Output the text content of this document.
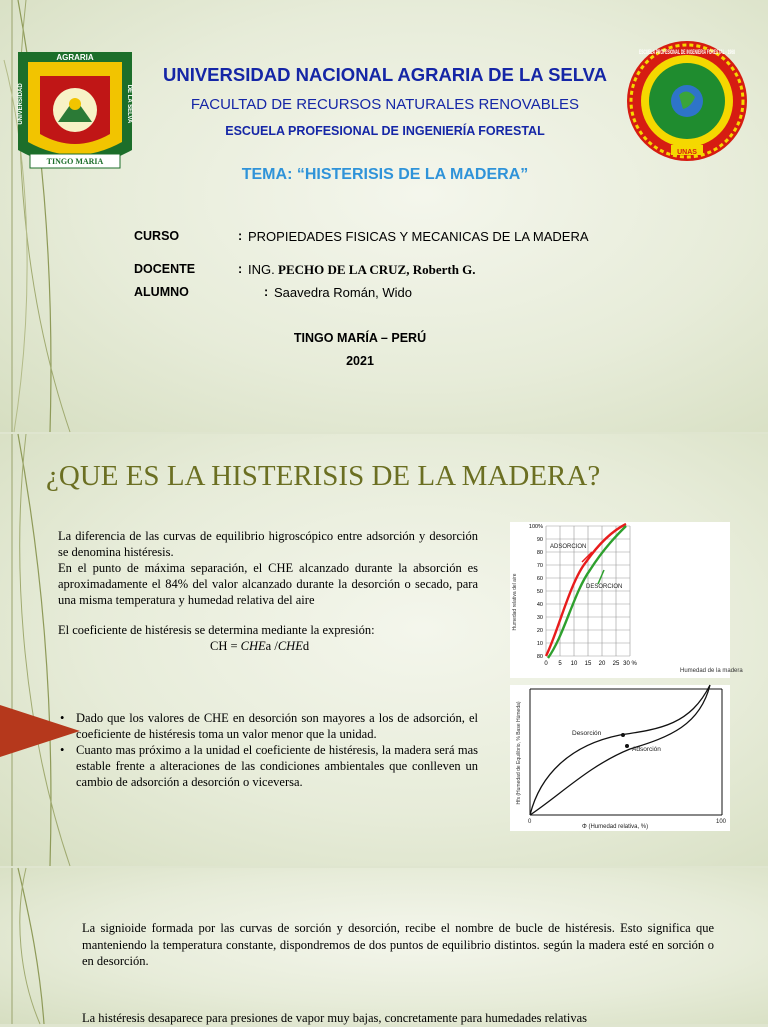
AGRARIA
UNIVERSIDAD	DE LA SELVA
TINGO MARIA
ESCUELA PROFESIONAL DE INGENIERIA FORESTAL - 1968
UNAS
UNIVERSIDAD NACIONAL AGRARIA DE LA SELVA
FACULTAD DE RECURSOS NATURALES RENOVABLES
ESCUELA PROFESIONAL DE INGENIERÍA FORESTAL
TEMA: “HISTERISIS DE LA MADERA”
CURSO	: PROPIEDADES FISICAS Y MECANICAS DE LA MADERA
DOCENTE	: ING. PECHO DE LA CRUZ, Roberth G.
ALUMNO	: Saavedra Román, Wido
TINGO MARÍA – PERÚ
2021
¿QUE ES LA HISTERISIS DE LA MADERA?
La diferencia de las curvas de equilibrio higroscópico entre adsorción y desorción se denomina histéresis.
En el punto de máxima separación, el CHE alcanzado durante la absorción es aproximadamente el 84% del valor alcanzado durante la desorción o secado, para una misma temperatura y humedad relativa del aire
El coeficiente de histéresis se determina mediante la expresión:
CH = CHEa /CHEd
• Dado que los valores de CHE en desorción son mayores a los de adsorción, el coeficiente de histéresis toma un valor menor que la unidad.
• Cuanto mas próximo a la unidad el coeficiente de histéresis, la madera será mas estable frente a alteraciones de las condiciones ambientales que conlleven un cambio de adsorción a desorción o viceversa.
100%
90
80
70
60
50
40
30
20
10
80
0 5 10 15 20 25 30 %
Humedad relativa del aire
Humedad de la madera
ADSORCION
DESORCION
Desorción
Adsorción
Hfs (Humedad de Equilibrio, % Base Húmeda)
0	100
Φ (Humedad relativa, %)
La signioide formada por las curvas de sorción y desorción, recibe el nombre de bucle de histéresis. Esto significa que manteniendo la temperatura constante, dispondremos de dos puntos de equilibrio distintos. según la madera esté en sorción o en desorción.
La histéresis desaparece para presiones de vapor muy bajas, concretamente para humedades relativas
